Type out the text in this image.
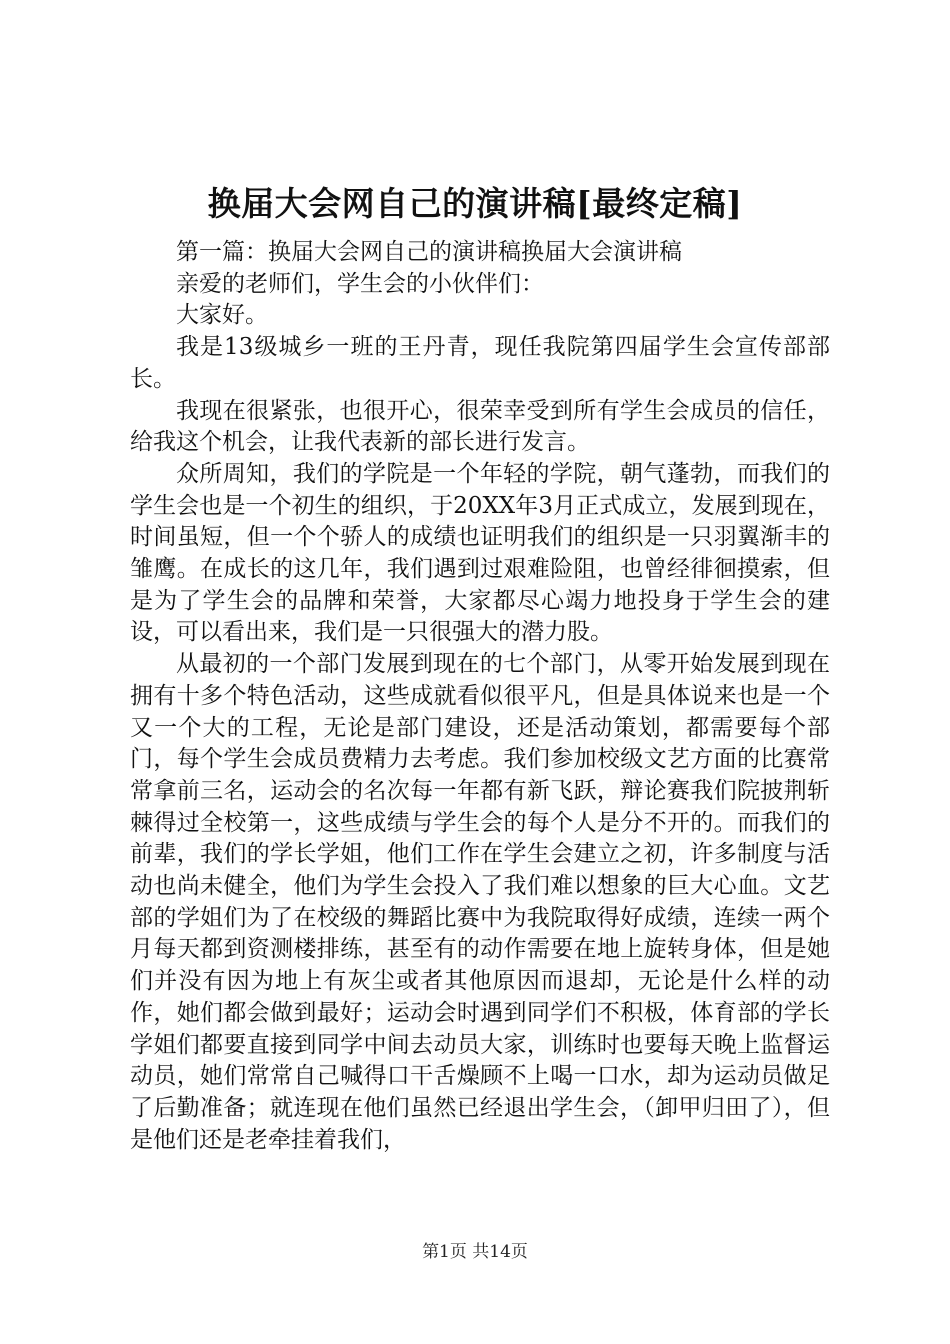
换届大会网自己的演讲稿[最终定稿]

第一篇：换届大会网自己的演讲稿换届大会演讲稿

亲爱的老师们，学生会的小伙伴们：

大家好。

我是13级城乡一班的王丹青，现任我院第四届学生会宣传部部长。

我现在很紧张，也很开心，很荣幸受到所有学生会成员的信任，给我这个机会，让我代表新的部长进行发言。

众所周知，我们的学院是一个年轻的学院，朝气蓬勃，而我们的学生会也是一个初生的组织，于20XX年3月正式成立，发展到现在，时间虽短，但一个个骄人的成绩也证明我们的组织是一只羽翼渐丰的雏鹰。在成长的这几年，我们遇到过艰难险阻，也曾经徘徊摸索，但是为了学生会的品牌和荣誉，大家都尽心竭力地投身于学生会的建设，可以看出来，我们是一只很强大的潜力股。

从最初的一个部门发展到现在的七个部门，从零开始发展到现在拥有十多个特色活动，这些成就看似很平凡，但是具体说来也是一个又一个大的工程，无论是部门建设，还是活动策划，都需要每个部门，每个学生会成员费精力去考虑。我们参加校级文艺方面的比赛常常拿前三名，运动会的名次每一年都有新飞跃，辩论赛我们院披荆斩棘得过全校第一，这些成绩与学生会的每个人是分不开的。而我们的前辈，我们的学长学姐，他们工作在学生会建立之初，许多制度与活动也尚未健全，他们为学生会投入了我们难以想象的巨大心血。文艺部的学姐们为了在校级的舞蹈比赛中为我院取得好成绩，连续一两个月每天都到资测楼排练，甚至有的动作需要在地上旋转身体，但是她们并没有因为地上有灰尘或者其他原因而退却，无论是什么样的动作，她们都会做到最好；运动会时遇到同学们不积极，体育部的学长学姐们都要直接到同学中间去动员大家，训练时也要每天晚上监督运动员，她们常常自己喊得口干舌燥顾不上喝一口水，却为运动员做足了后勤准备；就连现在他们虽然已经退出学生会，（卸甲归田了），但是他们还是老牵挂着我们，

第1页 共14页
